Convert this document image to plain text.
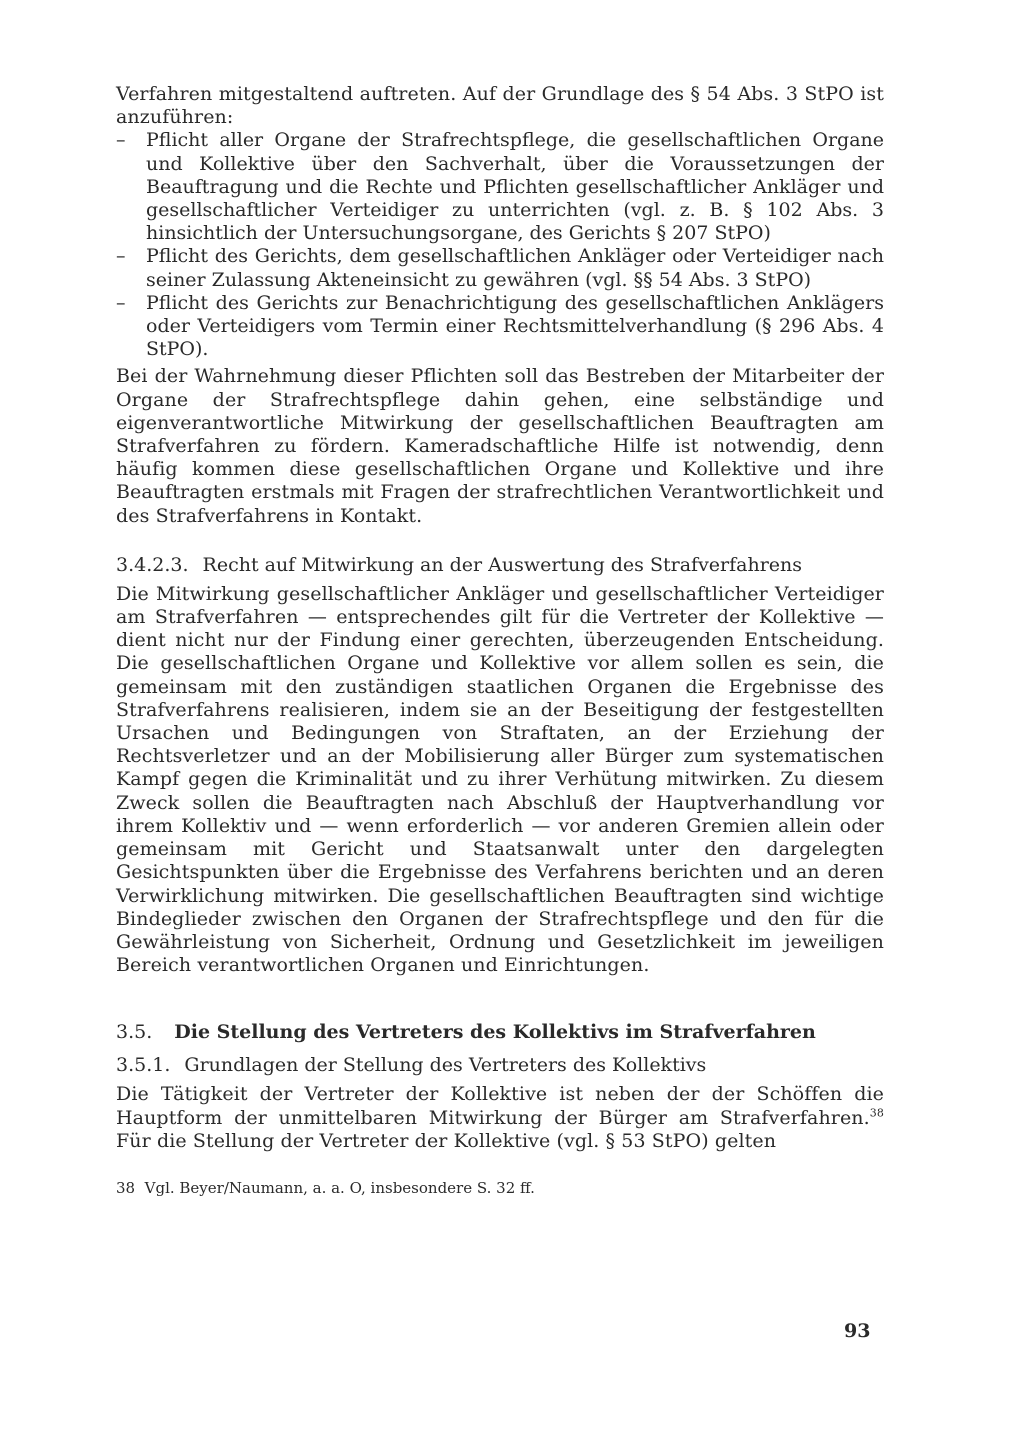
Verfahren mitgestaltend auftreten. Auf der Grundlage des § 54 Abs. 3 StPO ist anzuführen:

– Pflicht aller Organe der Strafrechtspflege, die gesellschaftlichen Organe und Kollektive über den Sachverhalt, über die Voraussetzungen der Beauftragung und die Rechte und Pflichten gesellschaftlicher Ankläger und gesellschaftlicher Verteidiger zu unterrichten (vgl. z. B. § 102 Abs. 3 hinsichtlich der Untersuchungsorgane, des Gerichts § 207 StPO)
– Pflicht des Gerichts, dem gesellschaftlichen Ankläger oder Verteidiger nach seiner Zulassung Akteneinsicht zu gewähren (vgl. §§ 54 Abs. 3 StPO)
– Pflicht des Gerichts zur Benachrichtigung des gesellschaftlichen Anklägers oder Verteidigers vom Termin einer Rechtsmittelverhandlung (§ 296 Abs. 4 StPO).

Bei der Wahrnehmung dieser Pflichten soll das Bestreben der Mitarbeiter der Organe der Strafrechtspflege dahin gehen, eine selbständige und eigenverantwortliche Mitwirkung der gesellschaftlichen Beauftragten am Strafverfahren zu fördern. Kameradschaftliche Hilfe ist notwendig, denn häufig kommen diese gesellschaftlichen Organe und Kollektive und ihre Beauftragten erstmals mit Fragen der strafrechtlichen Verantwortlichkeit und des Strafverfahrens in Kontakt.

3.4.2.3. Recht auf Mitwirkung an der Auswertung des Strafverfahrens

Die Mitwirkung gesellschaftlicher Ankläger und gesellschaftlicher Verteidiger am Strafverfahren — entsprechendes gilt für die Vertreter der Kollektive — dient nicht nur der Findung einer gerechten, überzeugenden Entscheidung. Die gesellschaftlichen Organe und Kollektive vor allem sollen es sein, die gemeinsam mit den zuständigen staatlichen Organen die Ergebnisse des Strafverfahrens realisieren, indem sie an der Beseitigung der festgestellten Ursachen und Bedingungen von Straftaten, an der Erziehung der Rechtsverletzer und an der Mobilisierung aller Bürger zum systematischen Kampf gegen die Kriminalität und zu ihrer Verhütung mitwirken. Zu diesem Zweck sollen die Beauftragten nach Abschluß der Hauptverhandlung vor ihrem Kollektiv und — wenn erforderlich — vor anderen Gremien allein oder gemeinsam mit Gericht und Staatsanwalt unter den dargelegten Gesichtspunkten über die Ergebnisse des Verfahrens berichten und an deren Verwirklichung mitwirken. Die gesellschaftlichen Beauftragten sind wichtige Bindeglieder zwischen den Organen der Strafrechtspflege und den für die Gewährleistung von Sicherheit, Ordnung und Gesetzlichkeit im jeweiligen Bereich verantwortlichen Organen und Einrichtungen.

3.5. Die Stellung des Vertreters des Kollektivs im Strafverfahren
3.5.1. Grundlagen der Stellung des Vertreters des Kollektivs

Die Tätigkeit der Vertreter der Kollektive ist neben der der Schöffen die Hauptform der unmittelbaren Mitwirkung der Bürger am Strafverfahren.$^{38}$ Für die Stellung der Vertreter der Kollektive (vgl. § 53 StPO) gelten

38 Vgl. Beyer/Naumann, a. a. O, insbesondere S. 32 ff.

93
